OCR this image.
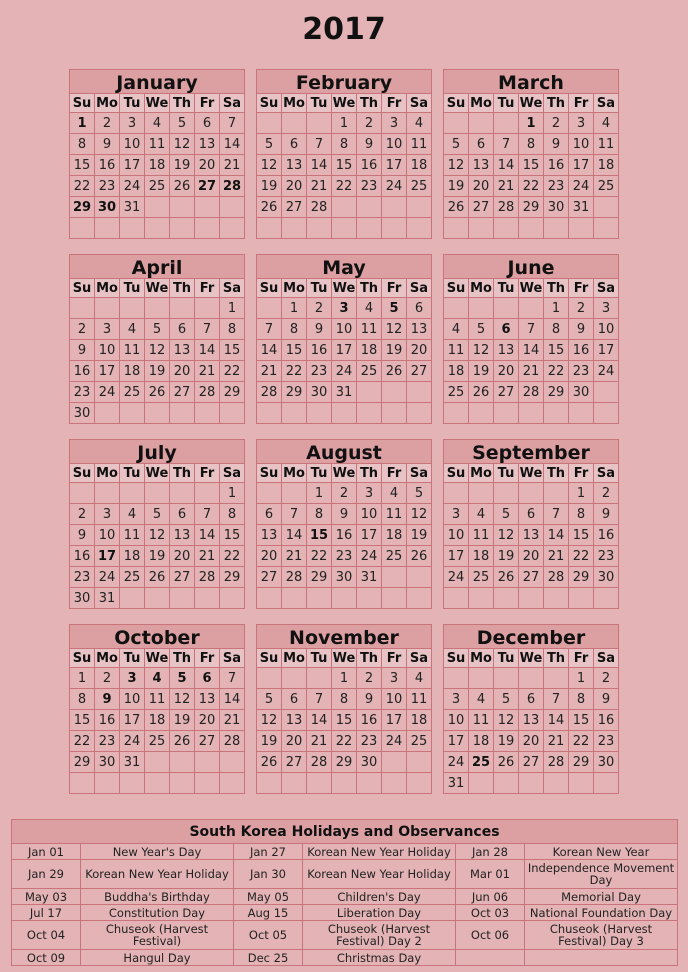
2017
January
Su	Mo	Tu	We	Th	Fr	Sa
1	2	3	4	5	6	7
8	9	10	11	12	13	14
15	16	17	18	19	20	21
22	23	24	25	26	27	28
29	30	31				

February
Su	Mo	Tu	We	Th	Fr	Sa
			1	2	3	4
5	6	7	8	9	10	11
12	13	14	15	16	17	18
19	20	21	22	23	24	25
26	27	28				

March
Su	Mo	Tu	We	Th	Fr	Sa
			1	2	3	4
5	6	7	8	9	10	11
12	13	14	15	16	17	18
19	20	21	22	23	24	25
26	27	28	29	30	31	

April
Su	Mo	Tu	We	Th	Fr	Sa
						1
2	3	4	5	6	7	8
9	10	11	12	13	14	15
16	17	18	19	20	21	22
23	24	25	26	27	28	29
30						
May
Su	Mo	Tu	We	Th	Fr	Sa
	1	2	3	4	5	6
7	8	9	10	11	12	13
14	15	16	17	18	19	20
21	22	23	24	25	26	27
28	29	30	31			

June
Su	Mo	Tu	We	Th	Fr	Sa
				1	2	3
4	5	6	7	8	9	10
11	12	13	14	15	16	17
18	19	20	21	22	23	24
25	26	27	28	29	30	

July
Su	Mo	Tu	We	Th	Fr	Sa
						1
2	3	4	5	6	7	8
9	10	11	12	13	14	15
16	17	18	19	20	21	22
23	24	25	26	27	28	29
30	31					
August
Su	Mo	Tu	We	Th	Fr	Sa
		1	2	3	4	5
6	7	8	9	10	11	12
13	14	15	16	17	18	19
20	21	22	23	24	25	26
27	28	29	30	31		

September
Su	Mo	Tu	We	Th	Fr	Sa
					1	2
3	4	5	6	7	8	9
10	11	12	13	14	15	16
17	18	19	20	21	22	23
24	25	26	27	28	29	30

October
Su	Mo	Tu	We	Th	Fr	Sa
1	2	3	4	5	6	7
8	9	10	11	12	13	14
15	16	17	18	19	20	21
22	23	24	25	26	27	28
29	30	31				

November
Su	Mo	Tu	We	Th	Fr	Sa
			1	2	3	4
5	6	7	8	9	10	11
12	13	14	15	16	17	18
19	20	21	22	23	24	25
26	27	28	29	30		

December
Su	Mo	Tu	We	Th	Fr	Sa
					1	2
3	4	5	6	7	8	9
10	11	12	13	14	15	16
17	18	19	20	21	22	23
24	25	26	27	28	29	30
31						
South Korea Holidays and Observances
Jan 01	New Year's Day	Jan 27	Korean New Year Holiday	Jan 28	Korean New Year
Jan 29	Korean New Year Holiday	Jan 30	Korean New Year Holiday	Mar 01	Independence Movement Day
May 03	Buddha's Birthday	May 05	Children's Day	Jun 06	Memorial Day
Jul 17	Constitution Day	Aug 15	Liberation Day	Oct 03	National Foundation Day
Oct 04	Chuseok (Harvest Festival)	Oct 05	Chuseok (Harvest Festival) Day 2	Oct 06	Chuseok (Harvest Festival) Day 3
Oct 09	Hangul Day	Dec 25	Christmas Day		
